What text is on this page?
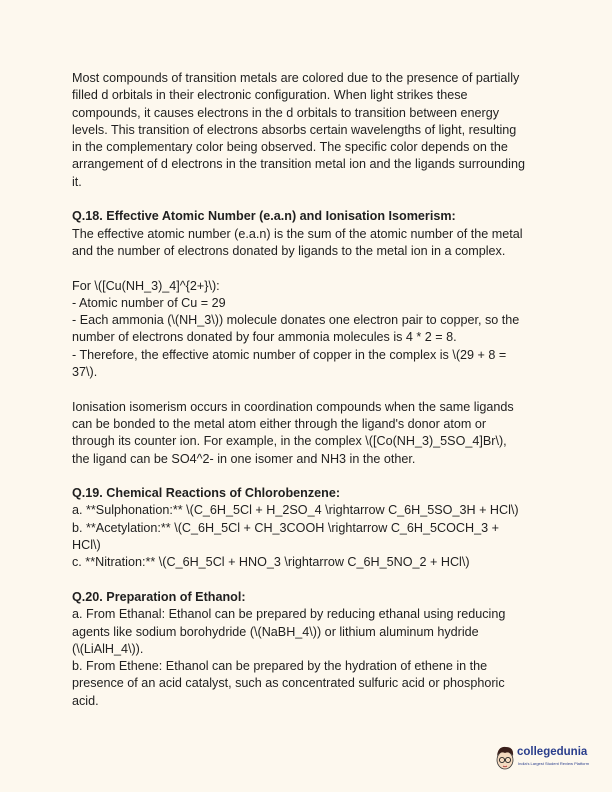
Most compounds of transition metals are colored due to the presence of partially
filled d orbitals in their electronic configuration. When light strikes these
compounds, it causes electrons in the d orbitals to transition between energy
levels. This transition of electrons absorbs certain wavelengths of light, resulting
in the complementary color being observed. The specific color depends on the
arrangement of d electrons in the transition metal ion and the ligands surrounding
it.
Q.18. Effective Atomic Number (e.a.n) and Ionisation Isomerism:
The effective atomic number (e.a.n) is the sum of the atomic number of the metal
and the number of electrons donated by ligands to the metal ion in a complex.
For \([Cu(NH_3)_4]^{2+}\):
- Atomic number of Cu = 29
- Each ammonia (\(NH_3\)) molecule donates one electron pair to copper, so the
number of electrons donated by four ammonia molecules is 4 * 2 = 8.
- Therefore, the effective atomic number of copper in the complex is \(29 + 8 =
37\).
Ionisation isomerism occurs in coordination compounds when the same ligands
can be bonded to the metal atom either through the ligand's donor atom or
through its counter ion. For example, in the complex \([Co(NH_3)_5SO_4]Br\),
the ligand can be SO4^2- in one isomer and NH3 in the other.
Q.19. Chemical Reactions of Chlorobenzene:
a. **Sulphonation:** \(C_6H_5Cl + H_2SO_4 \rightarrow C_6H_5SO_3H + HCl\)
b. **Acetylation:** \(C_6H_5Cl + CH_3COOH \rightarrow C_6H_5COCH_3 +
HCl\)
c. **Nitration:** \(C_6H_5Cl + HNO_3 \rightarrow C_6H_5NO_2 + HCl\)
Q.20. Preparation of Ethanol:
a. From Ethanal: Ethanol can be prepared by reducing ethanal using reducing
agents like sodium borohydride (\(NaBH_4\)) or lithium aluminum hydride
(\(LiAlH_4\)).
b. From Ethene: Ethanol can be prepared by the hydration of ethene in the
presence of an acid catalyst, such as concentrated sulfuric acid or phosphoric
acid.
collegedunia
India's Largest Student Review Platform
